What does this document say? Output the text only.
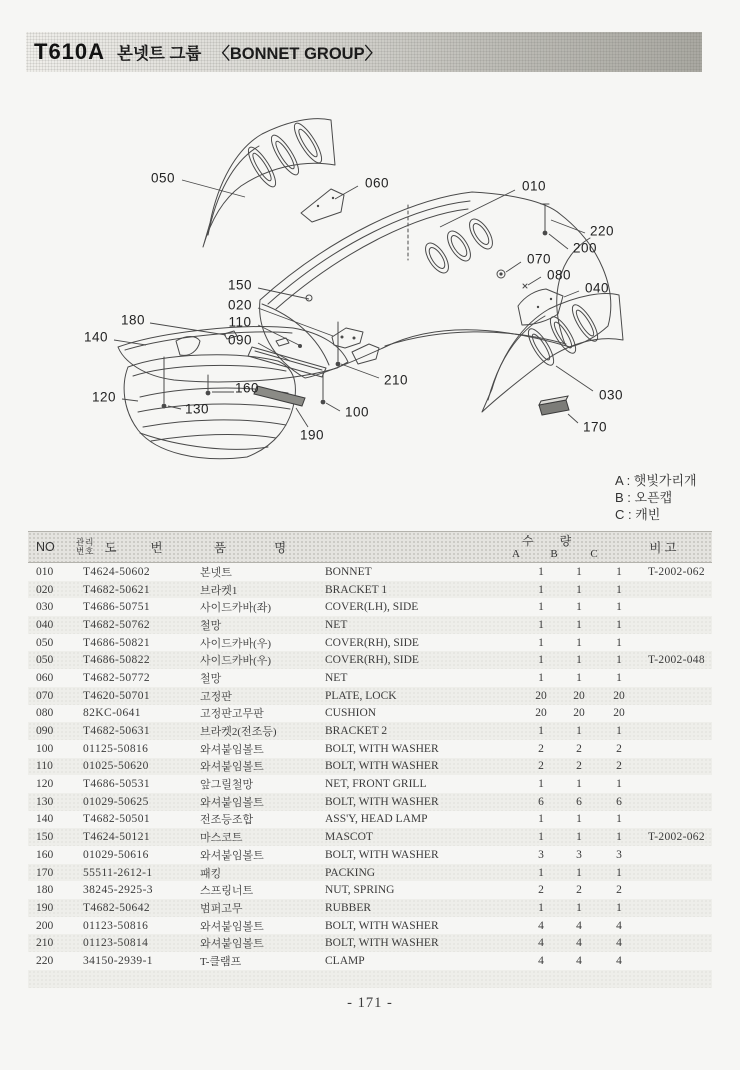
T610A 본넷트 그룹 〈BONNET GROUP〉
050	060	010
220
200
070
080
040
150
020
110
090
180
140
120
130
160
210
100
190
030
170
A : 햇빛가리개
B : 오픈캡
C : 캐빈
NO	관리
번호 도	번	품	명
수 량
A	B	C	비 고
010	T4624-50602	본넷트	BONNET	1	1	1	T-2002-062
020	T4682-50621	브라켓1	BRACKET 1	1	1	1
030	T4686-50751	사이드카바(좌)	COVER(LH), SIDE	1	1	1
040	T4682-50762	철망	NET	1	1	1
050	T4686-50821	사이드카바(우)	COVER(RH), SIDE	1	1	1
050	T4686-50822	사이드카바(우)	COVER(RH), SIDE	1	1	1	T-2002-048
060	T4682-50772	철망	NET	1	1	1
070	T4620-50701	고정판	PLATE, LOCK	20	20	20
080	82KC-0641	고정판고무판	CUSHION	20	20	20
090	T4682-50631	브라켓2(전조등)	BRACKET 2	1	1	1
100	01125-50816	와셔붙임볼트	BOLT, WITH WASHER	2	2	2
110	01025-50620	와셔붙임볼트	BOLT, WITH WASHER	2	2	2
120	T4686-50531	앞그릴철망	NET, FRONT GRILL	1	1	1
130	01029-50625	와셔붙임볼트	BOLT, WITH WASHER	6	6	6
140	T4682-50501	전조등조합	ASS'Y, HEAD LAMP	1	1	1
150	T4624-50121	마스코트	MASCOT	1	1	1	T-2002-062
160	01029-50616	와셔붙임볼트	BOLT, WITH WASHER	3	3	3
170	55511-2612-1	패킹	PACKING	1	1	1
180	38245-2925-3	스프링너트	NUT, SPRING	2	2	2
190	T4682-50642	범퍼고무	RUBBER	1	1	1
200	01123-50816	와셔붙임볼트	BOLT, WITH WASHER	4	4	4
210	01123-50814	와셔붙임볼트	BOLT, WITH WASHER	4	4	4
220	34150-2939-1	T-클램프	CLAMP	4	4	4
- 171 -
